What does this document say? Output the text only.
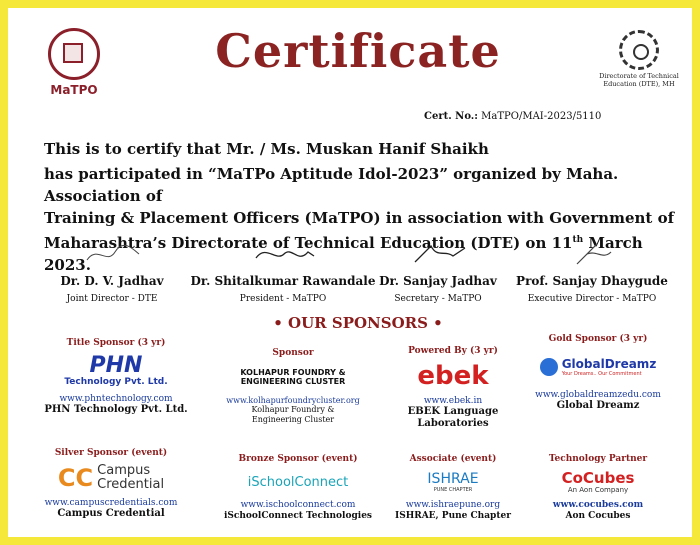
MaTPO
Certificate	Directorate of Technical
Education (DTE), MH
Cert. No.: MaTPO/MAI-2023/5110
This is to certify that Mr. / Ms. Muskan Hanif Shaikh
has participated in “MaTPo Aptitude Idol-2023” organized by Maha. Association of
Training & Placement Officers (MaTPO) in association with Government of
Maharashtra’s Directorate of Technical Education (DTE) on 11th March 2023.
Dr. D. V. Jadhav
Joint Director - DTE
Dr. Shitalkumar Rawandale
President - MaTPO
Dr. Sanjay Jadhav
Secretary - MaTPO
Prof. Sanjay Dhaygude
Executive Director - MaTPO
• OUR SPONSORS •
Title Sponsor (3 yr)
PHN
Technology Pvt. Ltd.
www.phntechnology.com
PHN Technology Pvt. Ltd.
Sponsor
KOLHAPUR FOUNDRY &
ENGINEERING CLUSTER
www.kolhapurfoundrycluster.org
Kolhapur Foundry &
Engineering Cluster
Powered By (3 yr)
ebek
www.ebek.in
EBEK Language
Laboratories
Gold Sponsor (3 yr)
GlobalDreamz
Your Dreams.. Our Commitment
www.globaldreamzedu.com
Global Dreamz
Silver Sponsor (event)
CC Campus
Credential
www.campuscredentials.com
Campus Credential
Bronze Sponsor (event)
iSchoolConnect
www.ischoolconnect.com
iSchoolConnect Technologies
Associate (event)
ISHRAE
PUNE CHAPTER
www.ishraepune.org
ISHRAE, Pune Chapter
Technology Partner
CoCubes
An Aon Company
www.cocubes.com
Aon Cocubes
